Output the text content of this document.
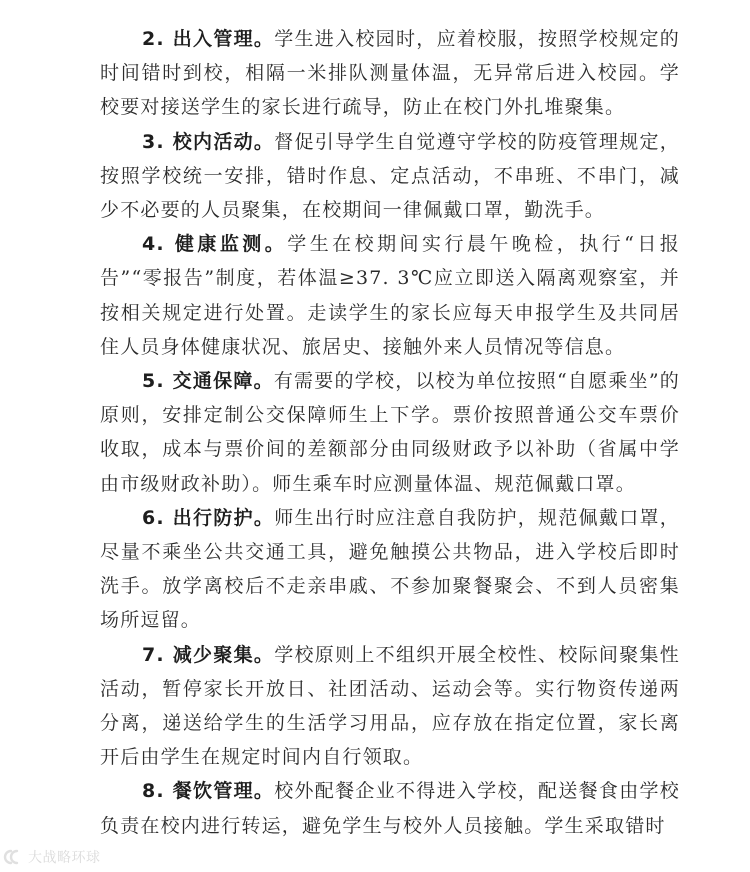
2. 出入管理。学生进入校园时，应着校服，按照学校规定的时间错时到校，相隔一米排队测量体温，无异常后进入校园。学校要对接送学生的家长进行疏导，防止在校门外扎堆聚集。

3. 校内活动。督促引导学生自觉遵守学校的防疫管理规定，按照学校统一安排，错时作息、定点活动，不串班、不串门，减少不必要的人员聚集，在校期间一律佩戴口罩，勤洗手。

4. 健康监测。学生在校期间实行晨午晚检，执行“日报告”“零报告”制度，若体温≥37. 3℃应立即送入隔离观察室，并按相关规定进行处置。走读学生的家长应每天申报学生及共同居住人员身体健康状况、旅居史、接触外来人员情况等信息。

5. 交通保障。有需要的学校，以校为单位按照“自愿乘坐”的原则，安排定制公交保障师生上下学。票价按照普通公交车票价收取，成本与票价间的差额部分由同级财政予以补助（省属中学由市级财政补助）。师生乘车时应测量体温、规范佩戴口罩。

6. 出行防护。师生出行时应注意自我防护，规范佩戴口罩，尽量不乘坐公共交通工具，避免触摸公共物品，进入学校后即时洗手。放学离校后不走亲串戚、不参加聚餐聚会、不到人员密集场所逗留。

7. 减少聚集。学校原则上不组织开展全校性、校际间聚集性活动，暂停家长开放日、社团活动、运动会等。实行物资传递两分离，递送给学生的生活学习用品，应存放在指定位置，家长离开后由学生在规定时间内自行领取。

8. 餐饮管理。校外配餐企业不得进入学校，配送餐食由学校负责在校内进行转运，避免学生与校外人员接触。学生采取错时

大战略环球
